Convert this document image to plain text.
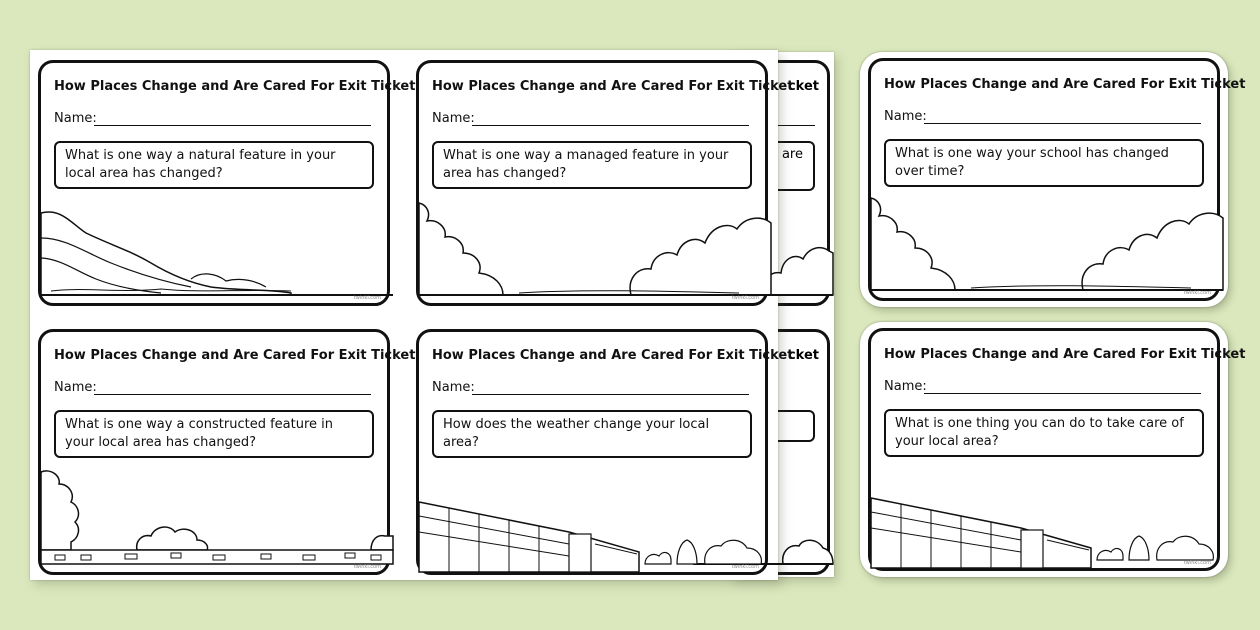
cket
are
cket
How Places Change and Are Cared For Exit Ticket
Name:
What is one way a natural feature in your local area has changed?
twinkl.com
How Places Change and Are Cared For Exit Ticket
Name:
What is one way a managed feature in your area has changed?
twinkl.com
How Places Change and Are Cared For Exit Ticket
Name:
What is one way a constructed feature in your local area has changed?
twinkl.com
How Places Change and Are Cared For Exit Ticket
Name:
How does the weather change your local area?
twinkl.com
How Places Change and Are Cared For Exit Ticket
Name:
What is one way your school has changed over time?
twinkl.com
How Places Change and Are Cared For Exit Ticket
Name:
What is one thing you can do to take care of your local area?
twinkl.com
